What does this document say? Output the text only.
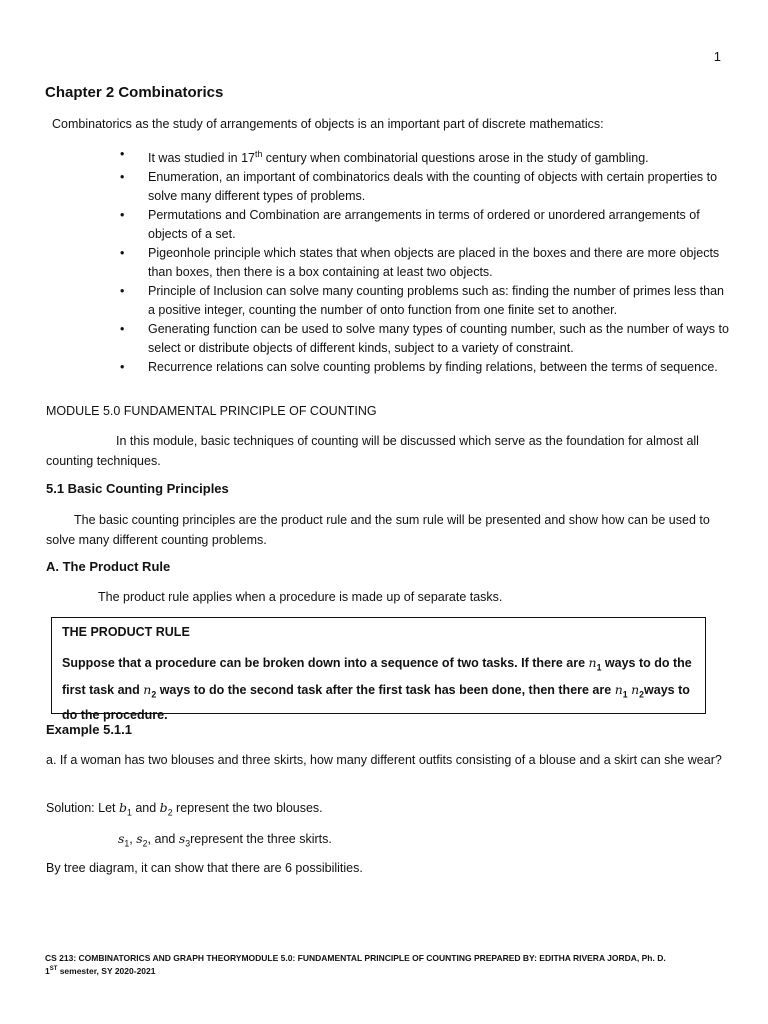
1
Chapter 2 Combinatorics
Combinatorics as the study of arrangements of objects is an important part of discrete mathematics:
• It was studied in 17th century when combinatorial questions arose in the study of gambling.
• Enumeration, an important of combinatorics deals with the counting of objects with certain properties to solve many different types of problems.
• Permutations and Combination are arrangements in terms of ordered or unordered arrangements of objects of a set.
• Pigeonhole principle which states that when objects are placed in the boxes and there are more objects than boxes, then there is a box containing at least two objects.
• Principle of Inclusion can solve many counting problems such as: finding the number of primes less than a positive integer, counting the number of onto function from one finite set to another.
• Generating function can be used to solve many types of counting number, such as the number of ways to select or distribute objects of different kinds, subject to a variety of constraint.
• Recurrence relations can solve counting problems by finding relations, between the terms of sequence.
MODULE 5.0 FUNDAMENTAL PRINCIPLE OF COUNTING
In this module, basic techniques of counting will be discussed which serve as the foundation for almost all counting techniques.
5.1 Basic Counting Principles
The basic counting principles are the product rule and the sum rule will be presented and show how can be used to solve many different counting problems.
A. The Product Rule
The product rule applies when a procedure is made up of separate tasks.
THE PRODUCT RULE
Suppose that a procedure can be broken down into a sequence of two tasks. If there are $n_1$ ways to do the first task and $n_2$ ways to do the second task after the first task has been done, then there are $n_1$ $n_2ways$ to do the procedure.
Example 5.1.1
a. If a woman has two blouses and three skirts, how many different outfits consisting of a blouse and a skirt can she wear?
Solution: Let $b_1$ and $b_2$ represent the two blouses.
$s_1$, $s_2$, and $s_3represent$ the three skirts.
By tree diagram, it can show that there are 6 possibilities.
CS 213: COMBINATORICS AND GRAPH THEORYMODULE 5.0: FUNDAMENTAL PRINCIPLE OF COUNTING PREPARED BY: EDITHA RIVERA JORDA, Ph. D.
1ST semester, SY 2020-2021
